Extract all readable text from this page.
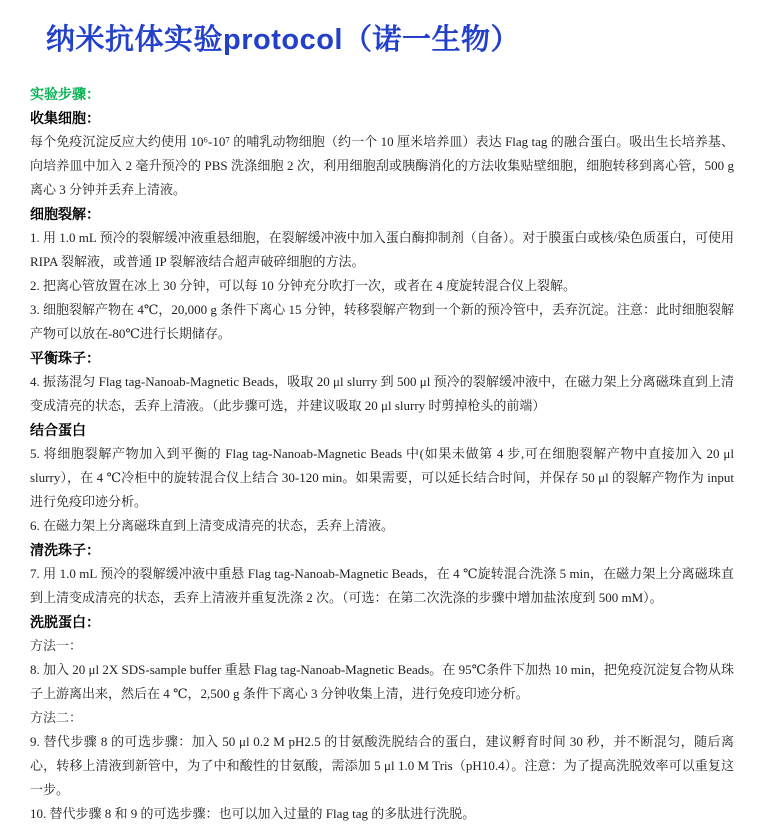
纳米抗体实验protocol（诺一生物）
实验步骤：
收集细胞：

每个免疫沉淀反应大约使用 10⁶-10⁷ 的哺乳动物细胞（约一个 10 厘米培养皿）表达 Flag tag 的融合蛋白。吸出生长培养基、向培养皿中加入 2 毫升预冷的 PBS 洗涤细胞 2 次，利用细胞刮或胰酶消化的方法收集贴壁细胞，细胞转移到离心管，500 g 离心 3 分钟并丢弃上清液。

细胞裂解：

1. 用 1.0 mL 预冷的裂解缓冲液重悬细胞，在裂解缓冲液中加入蛋白酶抑制剂（自备）。对于膜蛋白或核/染色质蛋白，可使用 RIPA 裂解液，或普通 IP 裂解液结合超声破碎细胞的方法。

2. 把离心管放置在冰上 30 分钟，可以每 10 分钟充分吹打一次，或者在 4 度旋转混合仪上裂解。

3. 细胞裂解产物在 4℃，20,000 g 条件下离心 15 分钟，转移裂解产物到一个新的预冷管中，丢弃沉淀。注意：此时细胞裂解产物可以放在-80℃进行长期储存。

平衡珠子：

4. 振荡混匀 Flag tag-Nanoab-Magnetic Beads，吸取 20 μl slurry 到 500 μl 预冷的裂解缓冲液中，在磁力架上分离磁珠直到上清变成清亮的状态，丢弃上清液。（此步骤可选，并建议吸取 20 μl slurry 时剪掉枪头的前端）

结合蛋白

5. 将细胞裂解产物加入到平衡的 Flag tag-Nanoab-Magnetic Beads 中(如果未做第 4 步,可在细胞裂解产物中直接加入 20 μl slurry），在 4 ℃冷柜中的旋转混合仪上结合 30-120 min。如果需要，可以延长结合时间，并保存 50 μl 的裂解产物作为 input 进行免疫印迹分析。

6. 在磁力架上分离磁珠直到上清变成清亮的状态，丢弃上清液。

清洗珠子：

7. 用 1.0 mL 预冷的裂解缓冲液中重悬 Flag tag-Nanoab-Magnetic Beads，在 4 ℃旋转混合洗涤 5 min，在磁力架上分离磁珠直到上清变成清亮的状态，丢弃上清液并重复洗涤 2 次。（可选：在第二次洗涤的步骤中增加盐浓度到 500 mM）。

洗脱蛋白：

方法一：

8. 加入 20 μl 2X SDS-sample buffer 重悬 Flag tag-Nanoab-Magnetic Beads。在 95℃条件下加热 10 min，把免疫沉淀复合物从珠子上游离出来，然后在 4 ℃，2,500 g 条件下离心 3 分钟收集上清，进行免疫印迹分析。

方法二：

9. 替代步骤 8 的可选步骤：加入 50 μl 0.2 M pH2.5 的甘氨酸洗脱结合的蛋白，建议孵育时间 30 秒，并不断混匀，随后离心，转移上清液到新管中，为了中和酸性的甘氨酸，需添加 5 μl 1.0 M Tris（pH10.4）。注意：为了提高洗脱效率可以重复这一步。

10. 替代步骤 8 和 9 的可选步骤：也可以加入过量的 Flag tag 的多肽进行洗脱。
